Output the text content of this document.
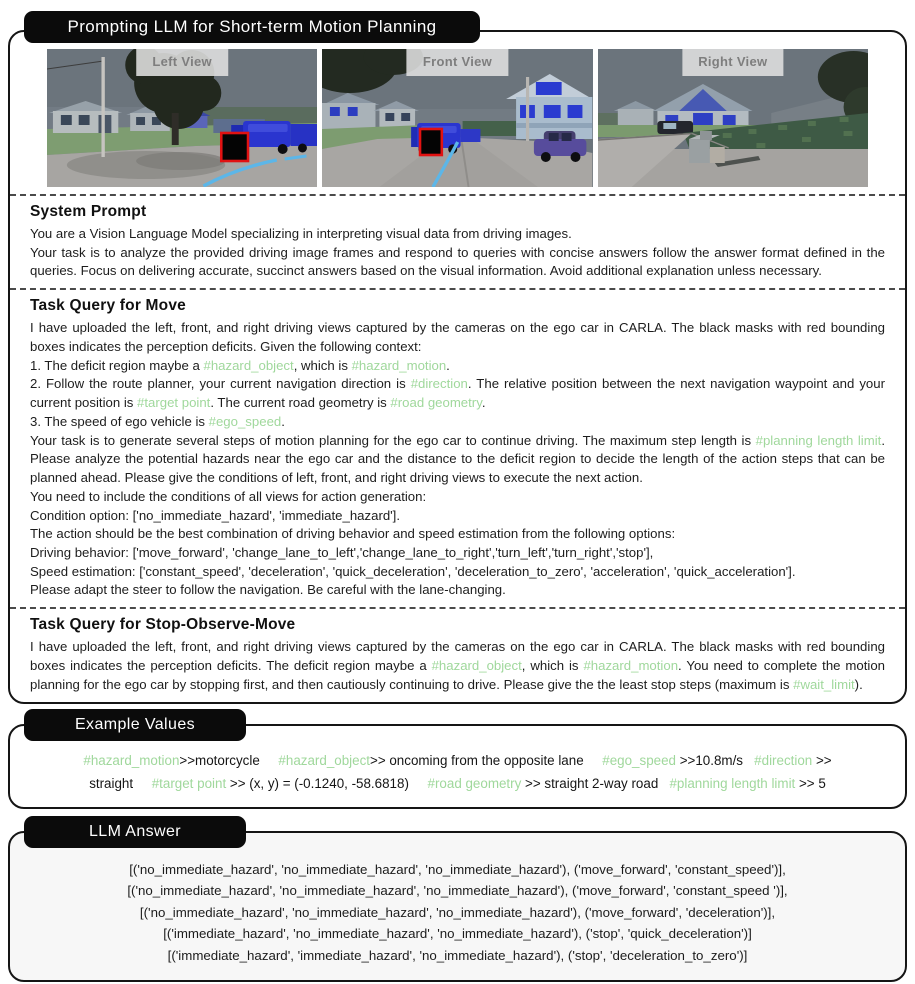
Prompting LLM for Short-term Motion Planning
Left View	Front View	Right View
System Prompt

You are a Vision Language Model specializing in interpreting visual data from driving images.

Your task is to analyze the provided driving image frames and respond to queries with concise answers follow the answer format defined in the queries. Focus on delivering accurate, succinct answers based on the visual information. Avoid additional explanation unless necessary.

Task Query for Move

I have uploaded the left, front, and right driving views captured by the cameras on the ego car in CARLA. The black masks with red bounding boxes indicates the perception deficits. Given the following context:

1. The deficit region maybe a #hazard_object, which is #hazard_motion.

2. Follow the route planner, your current navigation direction is #direction. The relative position between the next navigation waypoint and your current position is #target point. The current road geometry is #road geometry.

3. The speed of ego vehicle is #ego_speed.

Your task is to generate several steps of motion planning for the ego car to continue driving. The maximum step length is #planning length limit. Please analyze the potential hazards near the ego car and the distance to the deficit region to decide the length of the action steps that can be planned ahead. Please give the conditions of left, front, and right driving views to execute the next action.

You need to include the conditions of all views for action generation:

Condition option: ['no_immediate_hazard', 'immediate_hazard'].

The action should be the best combination of driving behavior and speed estimation from the following options:

Driving behavior: ['move_forward', 'change_lane_to_left','change_lane_to_right','turn_left','turn_right','stop'],

Speed estimation: ['constant_speed', 'deceleration', 'quick_deceleration', 'deceleration_to_zero', 'acceleration', 'quick_acceleration'].

Please adapt the steer to follow the navigation. Be careful with the lane-changing.

Task Query for Stop-Observe-Move

I have uploaded the left, front, and right driving views captured by the cameras on the ego car in CARLA. The black masks with red bounding boxes indicates the perception deficits. The deficit region maybe a #hazard_object, which is #hazard_motion. You need to complete the motion planning for the ego car by stopping first, and then cautiously continuing to drive. Please give the the least stop steps (maximum is #wait_limit).

Example Values
#hazard_motion>>motorcycle #hazard_object>> oncoming from the opposite lane #ego_speed >>10.8m/s #direction >>
straight #target point >> (x, y) = (-0.1240, -58.6818) #road geometry >> straight 2-way road #planning length limit >> 5
LLM Answer
[('no_immediate_hazard', 'no_immediate_hazard', 'no_immediate_hazard'), ('move_forward', 'constant_speed')],
[('no_immediate_hazard', 'no_immediate_hazard', 'no_immediate_hazard'), ('move_forward', 'constant_speed ')],
[('no_immediate_hazard', 'no_immediate_hazard', 'no_immediate_hazard'), ('move_forward', 'deceleration')],
[('immediate_hazard', 'no_immediate_hazard', 'no_immediate_hazard'), ('stop', 'quick_deceleration')]
[('immediate_hazard', 'immediate_hazard', 'no_immediate_hazard'), ('stop', 'deceleration_to_zero')]
